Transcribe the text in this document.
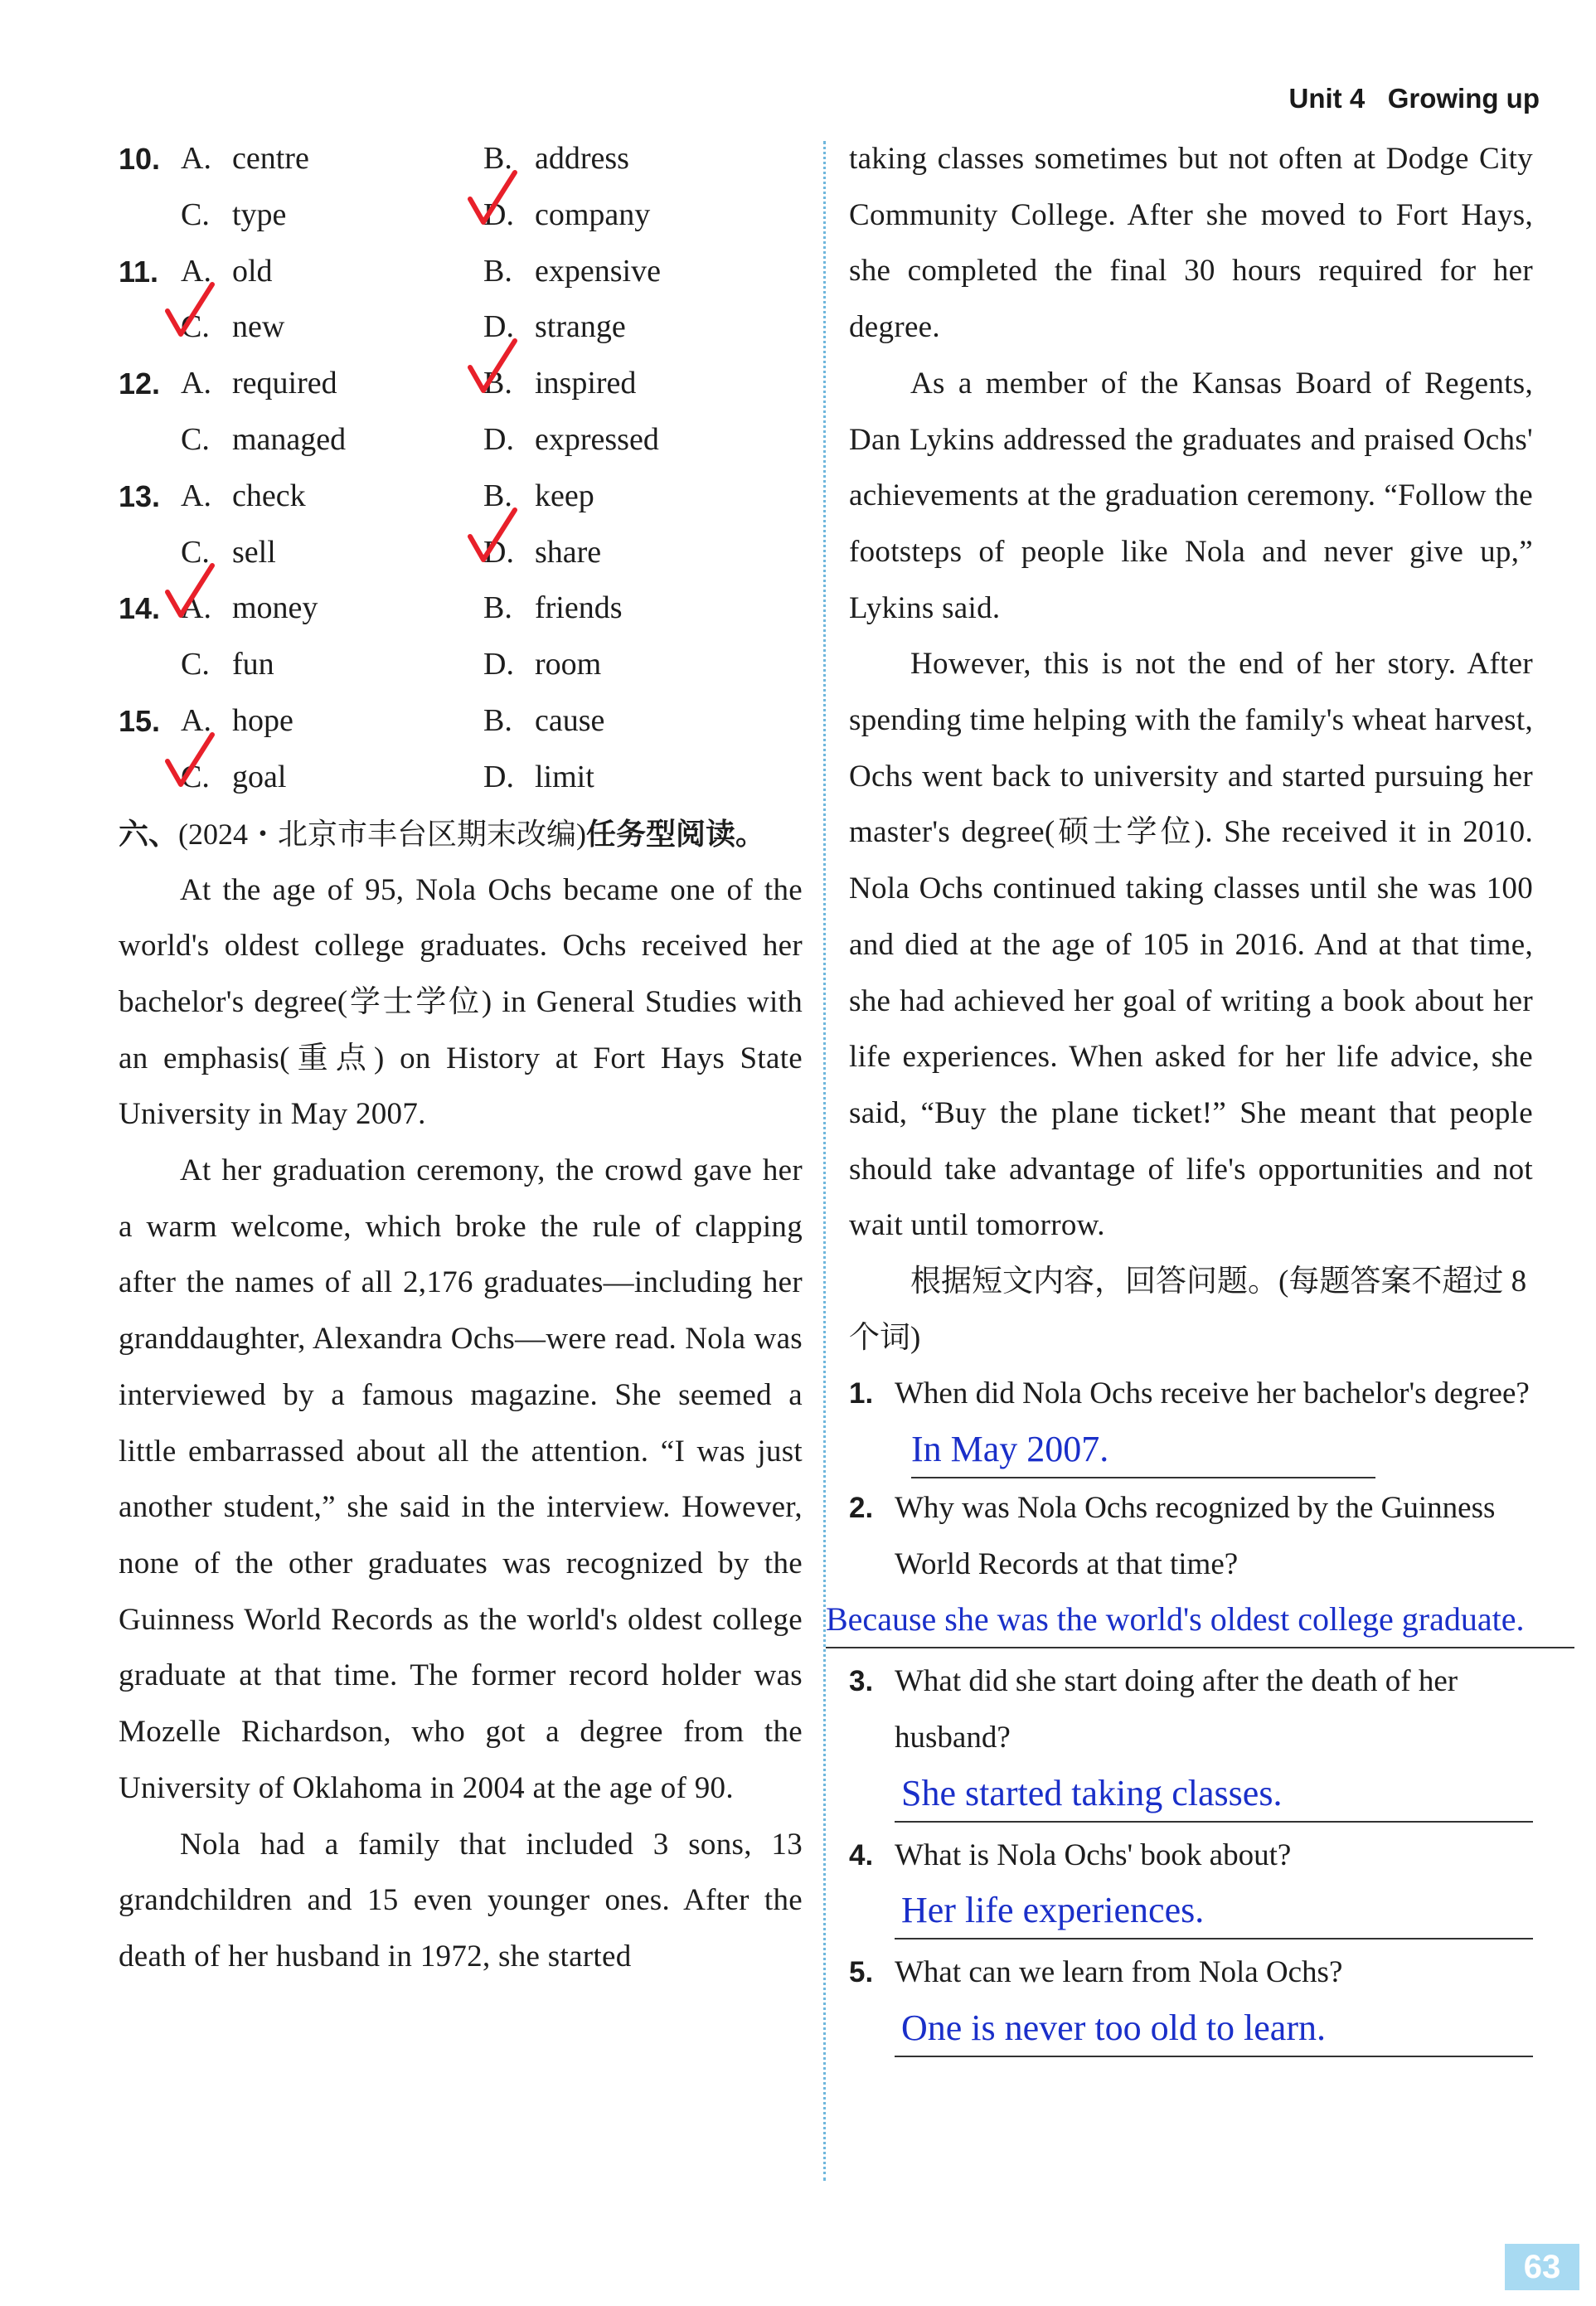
Unit 4 Growing up
10. A. centre	B. address
C. type	D. company
11. A. old	B. expensive
C. new	D. strange
12. A. required	B. inspired
C. managed	D. expressed
13. A. check	B. keep
C. sell	D. share
14. A. money	B. friends
C. fun	D. room
15. A. hope	B. cause
C. goal	D. limit
六、(2024・北京市丰台区期末改编)任务型阅读。

At the age of 95, Nola Ochs became one of the world's oldest college graduates. Ochs received her bachelor's degree(学士学位) in General Studies with an emphasis(重点) on History at Fort Hays State University in May 2007.

At her graduation ceremony, the crowd gave her a warm welcome, which broke the rule of clapping after the names of all 2,176 graduates—including her granddaughter, Alexandra Ochs—were read. Nola was interviewed by a famous magazine. She seemed a little embarrassed about all the attention. “I was just another student,” she said in the interview. However, none of the other graduates was recognized by the Guinness World Records as the world's oldest college graduate at that time. The former record holder was Mozelle Richardson, who got a degree from the University of Oklahoma in 2004 at the age of 90.

Nola had a family that included 3 sons, 13 grandchildren and 15 even younger ones. After the death of her husband in 1972, she started

taking classes sometimes but not often at Dodge City Community College. After she moved to Fort Hays, she completed the final 30 hours required for her degree.

As a member of the Kansas Board of Regents, Dan Lykins addressed the graduates and praised Ochs' achievements at the graduation ceremony. “Follow the footsteps of people like Nola and never give up,” Lykins said.

However, this is not the end of her story. After spending time helping with the family's wheat harvest, Ochs went back to university and started pursuing her master's degree(硕士学位). She received it in 2010. Nola Ochs continued taking classes until she was 100 and died at the age of 105 in 2016. And at that time, she had achieved her goal of writing a book about her life experiences. When asked for her life advice, she said, “Buy the plane ticket!” She meant that people should take advantage of life's opportunities and not wait until tomorrow.

根据短文内容，回答问题。(每题答案不超过 8 个词)

1. When did Nola Ochs receive her bachelor's degree? In May 2007.
2. Why was Nola Ochs recognized by the Guinness World Records at that time?
Because she was the world's oldest college graduate.
3. What did she start doing after the death of her husband?
She started taking classes.
4. What is Nola Ochs' book about?
Her life experiences.
5. What can we learn from Nola Ochs?
One is never too old to learn.
63
